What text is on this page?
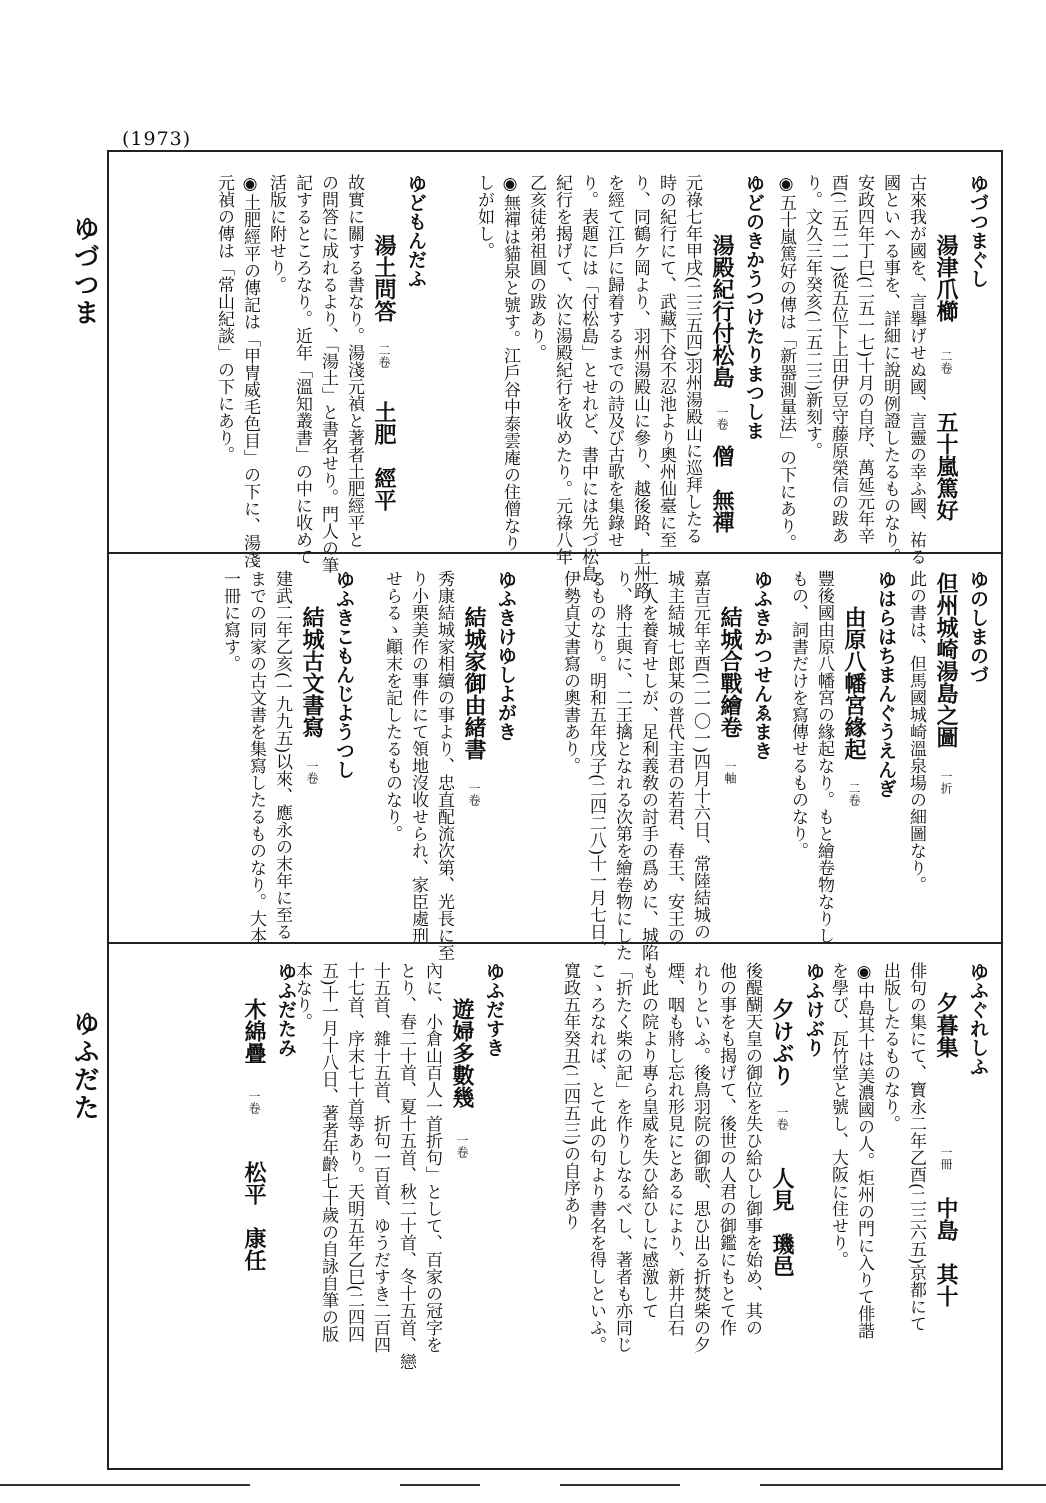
(1973)
ゆづつま
ゆふだた
ゆづつまぐし
湯津爪櫛 二卷 五十嵐篤好
古來我が國を、言擧げせぬ國、言靈の幸ふ國、祐る
國といへる事を、詳細に說明例證したるものなり。
安政四年丁巳(二五一七)十月の自序、萬延元年辛
酉(二五二一)從五位下上田伊豆守藤原榮信の跋あ
り。文久三年癸亥(二五二三)新刻す。
◉五十嵐篤好の傳は「新器測量法」の下にあり。
ゆどのきかうつけたりまつしま
湯殿紀行付松島 一卷 僧　無禪
元祿七年甲戌(二三五四)羽州湯殿山に巡拜したる
時の紀行にて、武藏下谷不忍池より奧州仙臺に至
り、同鶴ケ岡より、羽州湯殿山に參り、越後路、上州路
を經て江戶に歸着するまでの詩及び古歌を集錄せ
り。表題には「付松島」とせれど、書中には先づ松島
紀行を揭げて、次に湯殿紀行を收めたり。元祿八年
乙亥徒弟祖圓の跋あり。
◉無禪は貓泉と號す。江戶谷中泰雲庵の住僧なり
しが如し。
ゆどもんだふ
湯土問答 二卷 土肥　經平
故實に關する書なり。湯淺元禎と著者土肥經平と
の問答に成れるより、「湯土」と書名せり。門人の筆
記するところなり。近年「溫知叢書」の中に收めて
活版に附せり。
◉土肥經平の傳記は「甲冑威毛色目」の下に、湯淺
元禎の傳は「常山紀談」の下にあり。
ゆのしまのづ
但州城崎湯島之圖 一折
此の書は、但馬國城崎溫泉場の細圖なり。
ゆはらはちまんぐうえんぎ
由原八幡宮緣起 二卷
豐後國由原八幡宮の緣起なり。もと繪卷物なりし
もの、詞書だけを寫傳せるものなり。
ゆふきかつせんゑまき
結城合戰繪卷 一軸
嘉吉元年辛酉(二一〇一)四月十六日、常陸結城の
城主結城七郎某の普代主君の若君、春王、安王の
二人を養育せしが、足利義敎の討手の爲めに、城陷
り、將士與に、二王擒となれる次第を繪卷物にした
るものなり。明和五年戊子(二四二八)十一月七日、
伊勢貞丈書寫の奧書あり。
ゆふきけゆしよがき
結城家御由緒書 一卷
秀康結城家相續の事より、忠直配流次第、光長に至
り小栗美作の事件にて領地沒收せられ、家臣處刑
せらるゝ顚末を記したるものなり。
ゆふきこもんじようつし
結城古文書寫 一卷
建武二年乙亥(一九九五)以來、應永の末年に至る
までの同家の古文書を集寫したるものなり。大本
一冊に寫す。
ゆふぐれしふ
夕暮集 一冊 中島　其十
俳句の集にて、寶永二年乙酉(二三六五)京都にて
出版したるものなり。
◉中島其十は美濃國の人。炬州の門に入りて俳諧
を學び、瓦竹堂と號し、大阪に住せり。
ゆふけぶり
夕けぶり 一卷 人見　璣邑
後醍醐天皇の御位を失ひ給ひし御事を始め、其の
他の事をも揭げて、後世の人君の御鑑にもとて作
れりといふ。後鳥羽院の御歌、思ひ出る折焚柴の夕
煙、咽も將し忘れ形見にとあるにより、新井白石
も此の院より專ら皇威を失ひ給ひしに感激して
「折たく柴の記」を作りしなるべし、著者も亦同じ
こゝろなれば、とて此の句より書名を得しといふ。
寬政五年癸丑(二四五三)の自序あり
ゆふだすき
遊婦多數幾 一卷
內に、小倉山百人一首折句」として、百家の冠字を
とり、春二十首、夏十五首、秋二十首、冬十五首、戀
十五首、雜十五首、折句一百首、ゆうだすき二百四
十七首、序末七十首等あり。天明五年乙巳(二四四
五)十一月十八日、著者年齡七十歲の自詠自筆の版
本なり。
ゆふだたみ
木綿疊 一卷 松平　康任
